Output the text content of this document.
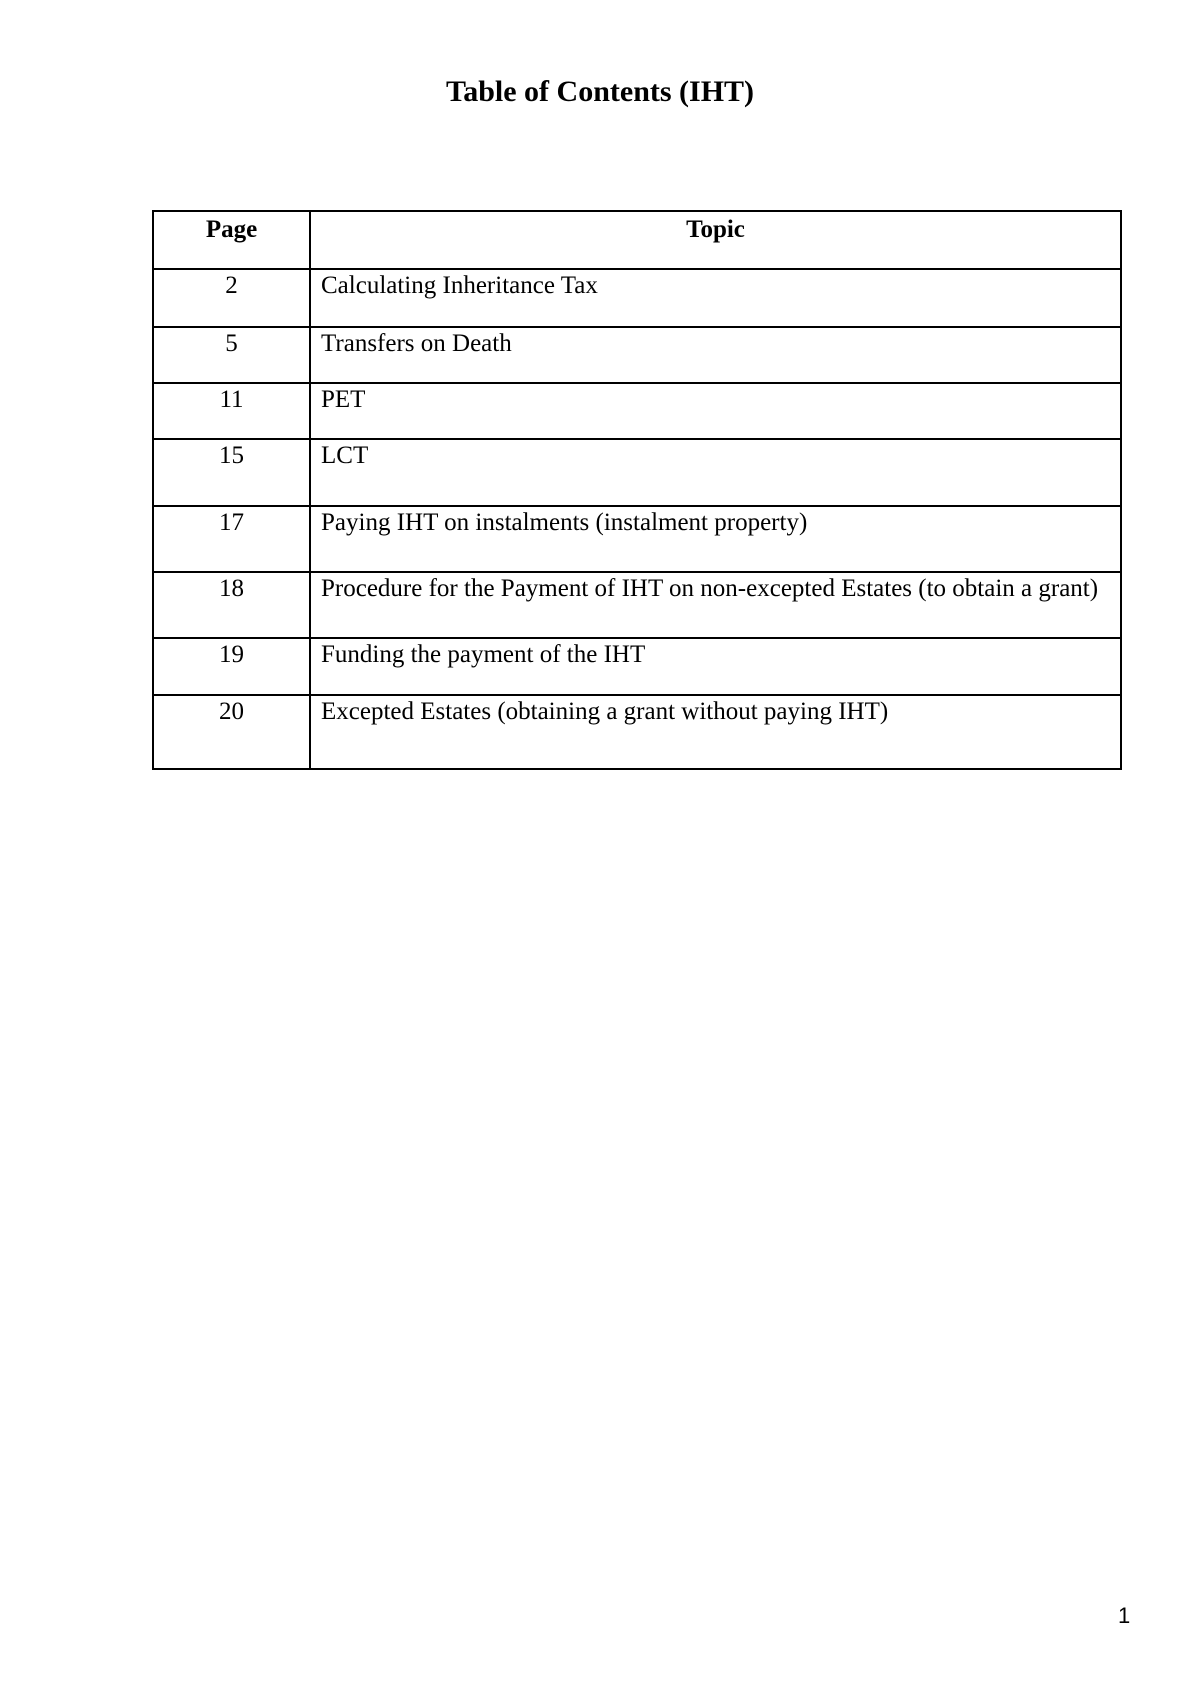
Table of Contents (IHT)
Page	Topic
2	Calculating Inheritance Tax
5	Transfers on Death
11	PET
15	LCT
17	Paying IHT on instalments (instalment property)
18	Procedure for the Payment of IHT on non-excepted Estates (to obtain a grant)
19	Funding the payment of the IHT
20	Excepted Estates (obtaining a grant without paying IHT)
1
